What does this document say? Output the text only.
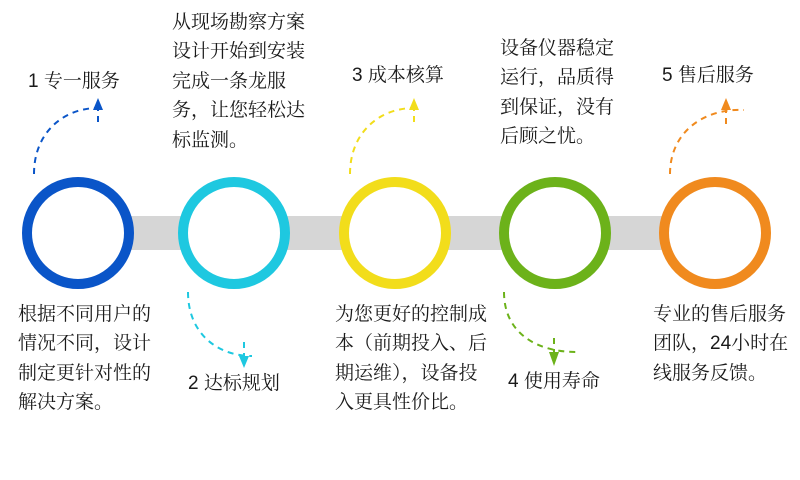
1 专一服务
根据不同用户的情况不同，设计制定更针对性的解决方案。
从现场勘察方案设计开始到安装完成一条龙服务，让您轻松达标监测。
2 达标规划
3 成本核算
为您更好的控制成本（前期投入、后期运维），设备投入更具性价比。
设备仪器稳定运行，品质得到保证，没有后顾之忧。
4 使用寿命
5 售后服务
专业的售后服务团队，24小时在线服务反馈。
